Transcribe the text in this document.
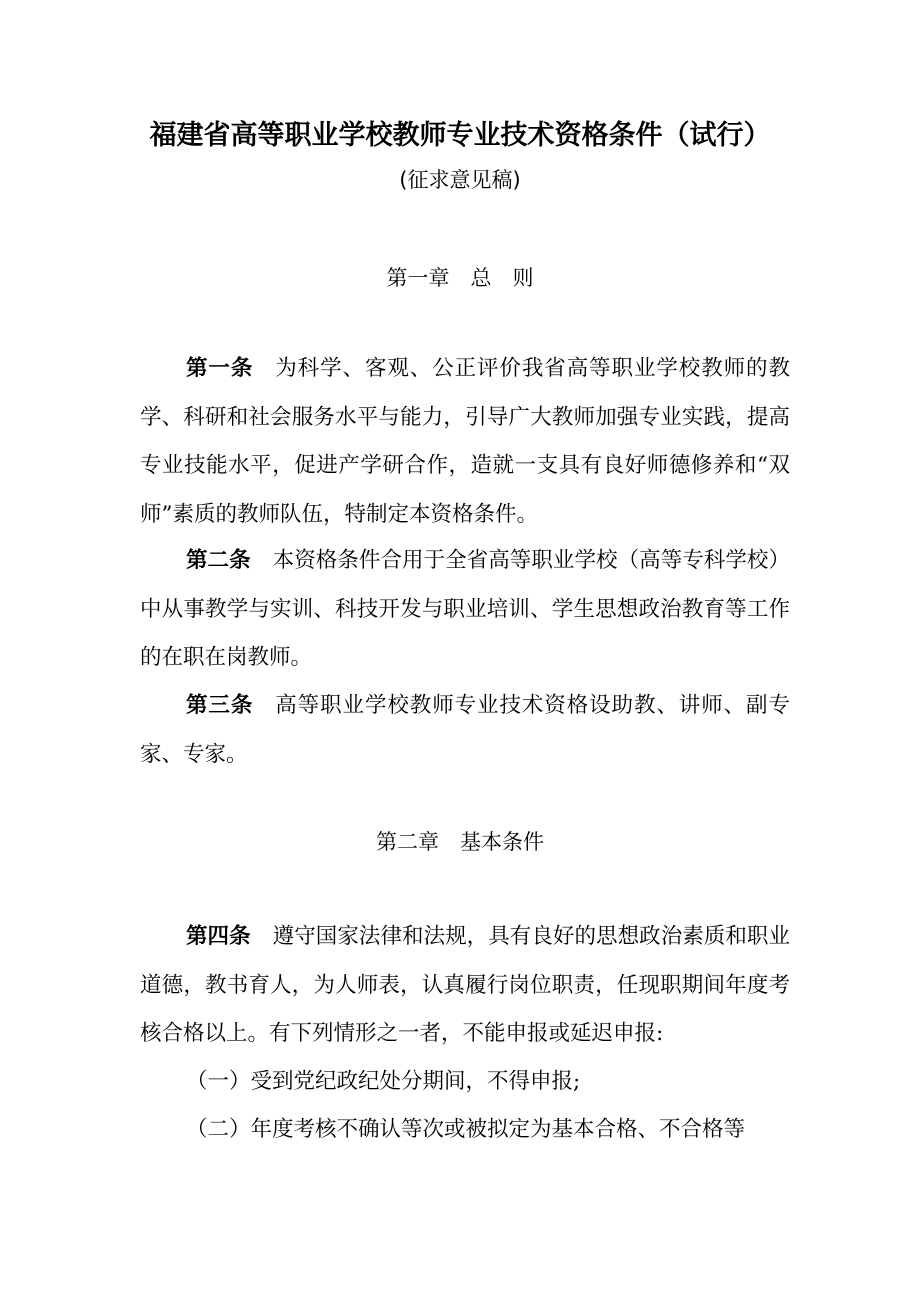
福建省高等职业学校教师专业技术资格条件（试行）
(征求意见稿)
第一章　总　则
第一条 为科学、客观、公正评价我省高等职业学校教师的教学、科研和社会服务水平与能力，引导广大教师加强专业实践，提高专业技能水平，促进产学研合作，造就一支具有良好师德修养和“双师”素质的教师队伍，特制定本资格条件。
第二条 本资格条件合用于全省高等职业学校（高等专科学校）中从事教学与实训、科技开发与职业培训、学生思想政治教育等工作的在职在岗教师。
第三条 高等职业学校教师专业技术资格设助教、讲师、副专家、专家。
第二章　基本条件
第四条 遵守国家法律和法规，具有良好的思想政治素质和职业道德，教书育人，为人师表，认真履行岗位职责，任现职期间年度考核合格以上。有下列情形之一者，不能申报或延迟申报:
（一）受到党纪政纪处分期间，不得申报;
（二）年度考核不确认等次或被拟定为基本合格、不合格等
